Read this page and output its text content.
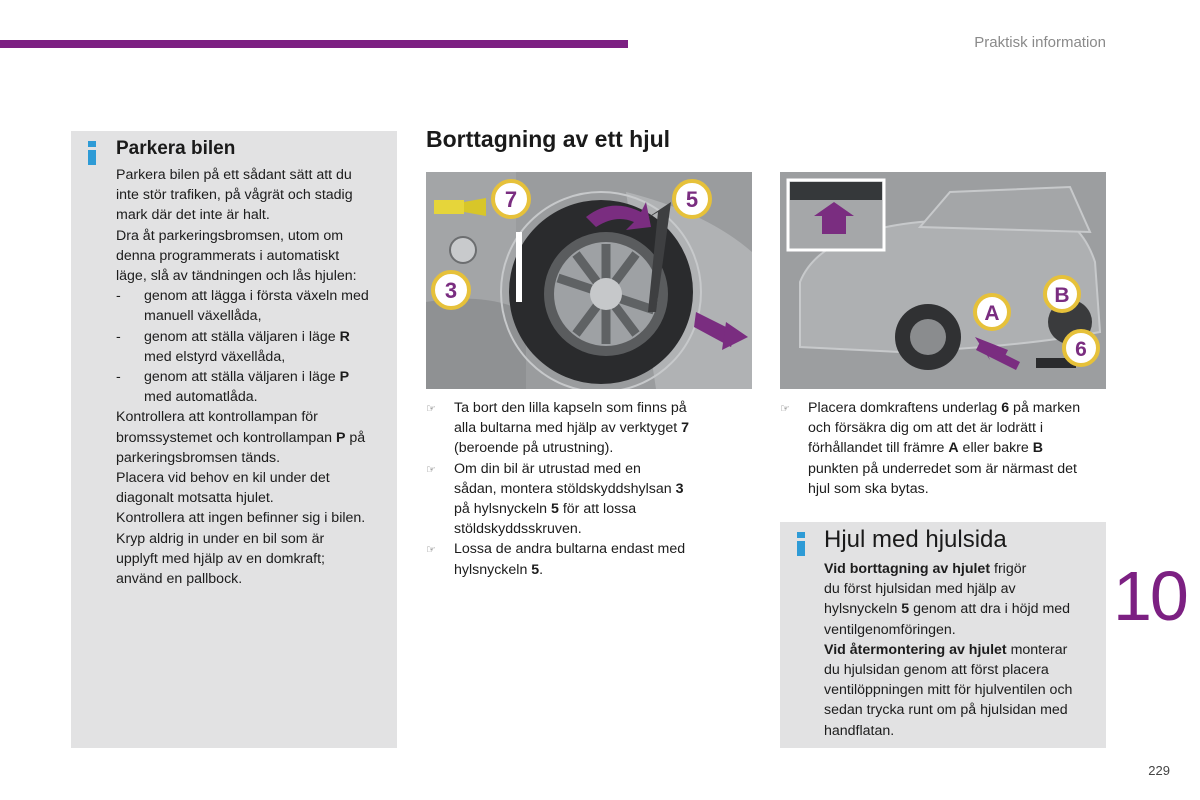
Praktisk information
Parkera bilen

Parkera bilen på ett sådant sätt att du

inte stör trafiken, på vågrät och stadig

mark där det inte är halt.

Dra åt parkeringsbromsen, utom om

denna programmerats i automatiskt

läge, slå av tändningen och lås hjulen:

- genom att lägga i första växeln med

manuell växellåda,

- genom att ställa väljaren i läge R

med elstyrd växellåda,

- genom att ställa väljaren i läge P

med automatlåda.

Kontrollera att kontrollampan för

bromssystemet och kontrollampan P på

parkeringsbromsen tänds.

Placera vid behov en kil under det

diagonalt motsatta hjulet.

Kontrollera att ingen befinner sig i bilen.

Kryp aldrig in under en bil som är

upplyft med hjälp av en domkraft;

använd en pallbock.

Borttagning av ett hjul
7	5
3
A
B
6
☞ Ta bort den lilla kapseln som finns på
alla bultarna med hjälp av verktyget 7
(beroende på utrustning).
☞ Om din bil är utrustad med en
sådan, montera stöldskyddshylsan 3
på hylsnyckeln 5 för att lossa
stöldskyddsskruven.
☞ Lossa de andra bultarna endast med
hylsnyckeln 5.
☞ Placera domkraftens underlag 6 på marken
och försäkra dig om att det är lodrätt i
förhållandet till främre A eller bakre B
punkten på underredet som är närmast det
hjul som ska bytas.
Hjul med hjulsida

Vid borttagning av hjulet frigör

du först hjulsidan med hjälp av

hylsnyckeln 5 genom att dra i höjd med

ventilgenomföringen.

Vid återmontering av hjulet monterar

du hjulsidan genom att först placera

ventilöppningen mitt för hjulventilen och

sedan trycka runt om på hjulsidan med

handflatan.

10
229
